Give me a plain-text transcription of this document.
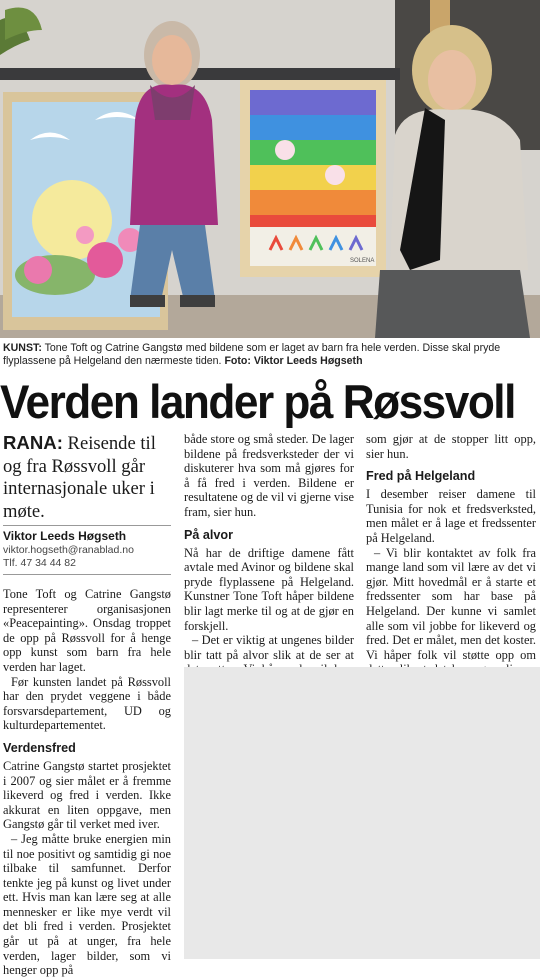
SOLENA
KUNST: Tone Toft og Catrine Gangstø med bildene som er laget av barn fra hele verden. Disse skal pryde flyplassene på Helgeland den nærmeste tiden. Foto: Viktor Leeds Høgseth
Verden lander på Røssvoll

RANA: Reisende til og fra Røssvoll går internasjonale uker i møte.

Viktor Leeds Høgseth
viktor.hogseth@ranablad.no
Tlf. 47 34 44 82

Tone Toft og Catrine Gangstø representerer organisasjonen «Peacepainting». Onsdag troppet de opp på Røssvoll for å henge opp kunst som barn fra hele verden har laget.

Før kunsten landet på Røssvoll har den prydet veggene i både forsvarsdepartement, UD og kulturdepartementet.

Verdensfred

Catrine Gangstø startet prosjektet i 2007 og sier målet er å fremme likeverd og fred i verden. Ikke akkurat en liten oppgave, men Gangstø går til verket med iver.

– Jeg måtte bruke energien min til noe positivt og samtidig gi noe tilbake til samfunnet. Derfor tenkte jeg på kunst og livet under ett. Hvis man kan lære seg at alle mennesker er like mye verdt vil det bli fred i verden. Prosjektet går ut på at unger, fra hele verden, lager bilder, som vi henger opp på

både store og små steder. De lager bildene på fredsverksteder der vi diskuterer hva som må gjøres for å få fred i verden. Bildene er resultatene og de vil vi gjerne vise fram, sier hun.

På alvor

Nå har de driftige damene fått avtale med Avinor og bildene skal pryde flyplassene på Helgeland. Kunstner Tone Toft håper bildene blir lagt merke til og at de gjør en forskjell.

– Det er viktig at ungenes bilder blir tatt på alvor slik at de ser at

som gjør at de stopper litt opp, sier hun.

Fred på Helgeland

I desember reiser damene til Tunisia for nok et fredsverksted, men målet er å lage et fredssenter på Helgeland.

– Vi blir kontaktet av folk fra mange land som vil lære av det vi gjør. Mitt hovedmål er å starte et fredssenter som har base på Helgeland. Der kunne vi samlet alle som vil jobbe for likeverd og fred. Det er målet, men det koster. Vi håper folk vil støtte opp om
